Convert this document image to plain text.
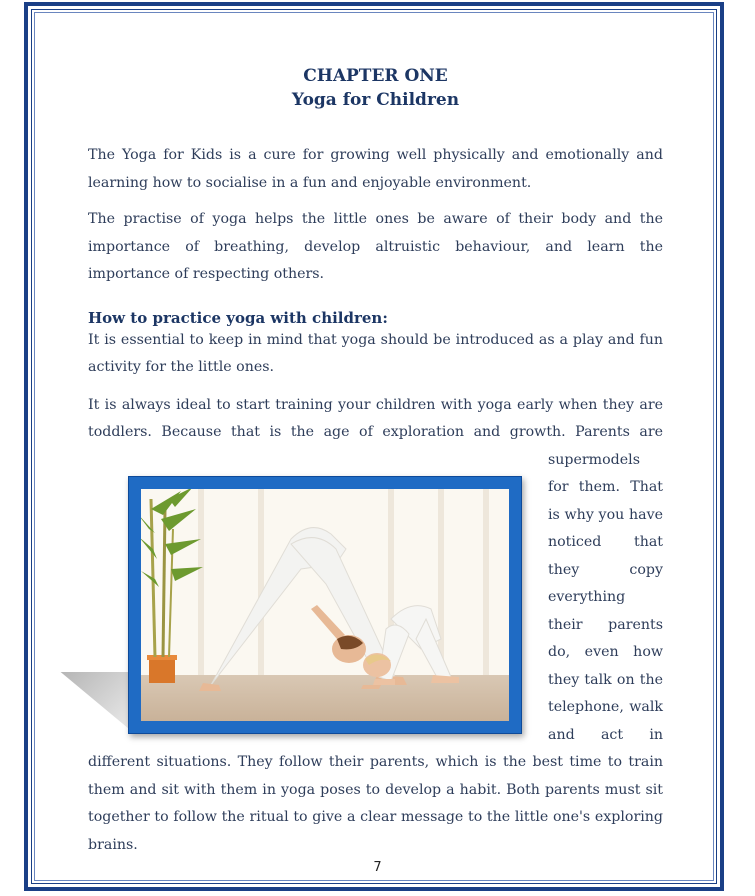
CHAPTER ONE
Yoga for Children

The Yoga for Kids is a cure for growing well physically and emotionally and learning how to socialise in a fun and enjoyable environment.

The practise of yoga helps the little ones be aware of their body and the importance of breathing, develop altruistic behaviour, and learn the importance of respecting others.

How to practice yoga with children:

It is essential to keep in mind that yoga should be introduced as a play and fun activity for the little ones.

It is always ideal to start training your children with yoga early when they are toddlers. Because that is the age of exploration and growth. Parents are supermodels for them. That is why you have noticed that they copy everything their parents do, even how they talk on the telephone, walk and act in different situations. They follow their parents, which is the best time to train them and sit with them in yoga poses to develop a habit. Both parents must sit together to follow the ritual to give a clear message to the little one's exploring brains.

7
